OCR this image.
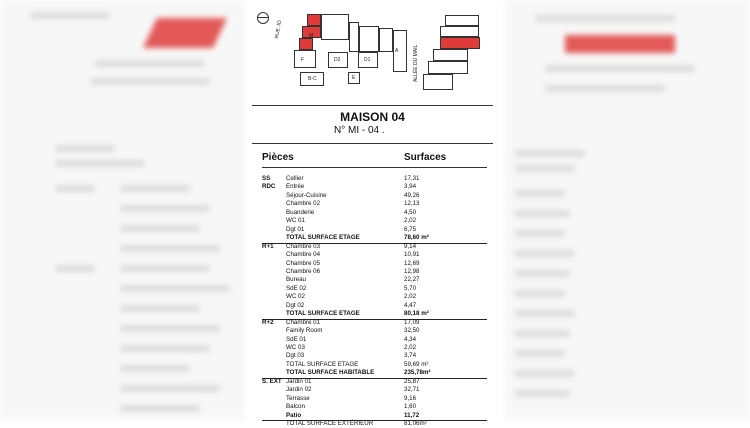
RUE JO	M
F	D2	D1
A
B-C	E	ALLÉE DU MAIL
MAISON 04
N° MI - 04 .
Pièces	Surfaces
SS	Cellier	17,31
RDC Entrée	3,94
Séjour-Cuisine	49,26
Chambre 02	12,13
Buanderie	4,50
WC 01	2,02
Dgt 01	6,75
TOTAL SURFACE ETAGE	78,60 m²
R+1 Chambre 03	9,14
Chambre 04	10,91
Chambre 05	12,69
Chambre 06	12,98
Bureau	22,27
SdE 02	5,70
WC 02	2,02
Dgt 02	4,47
TOTAL SURFACE ETAGE	80,18 m²
R+2 Chambre 01	17,09
Family Room	32,50
SdE 01	4,34
WC 03	2,02
Dgt 03	3,74
TOTAL SURFACE ETAGE	59,69 m²
TOTAL SURFACE HABITABLE	235,78m²
S. EXT Jardin 01	25,87
Jardin 02	32,71
Terrasse	9,16
Balcon	1,60
Patio	11,72
TOTAL SURFACE EXTÉRIEUR	81,06m²
